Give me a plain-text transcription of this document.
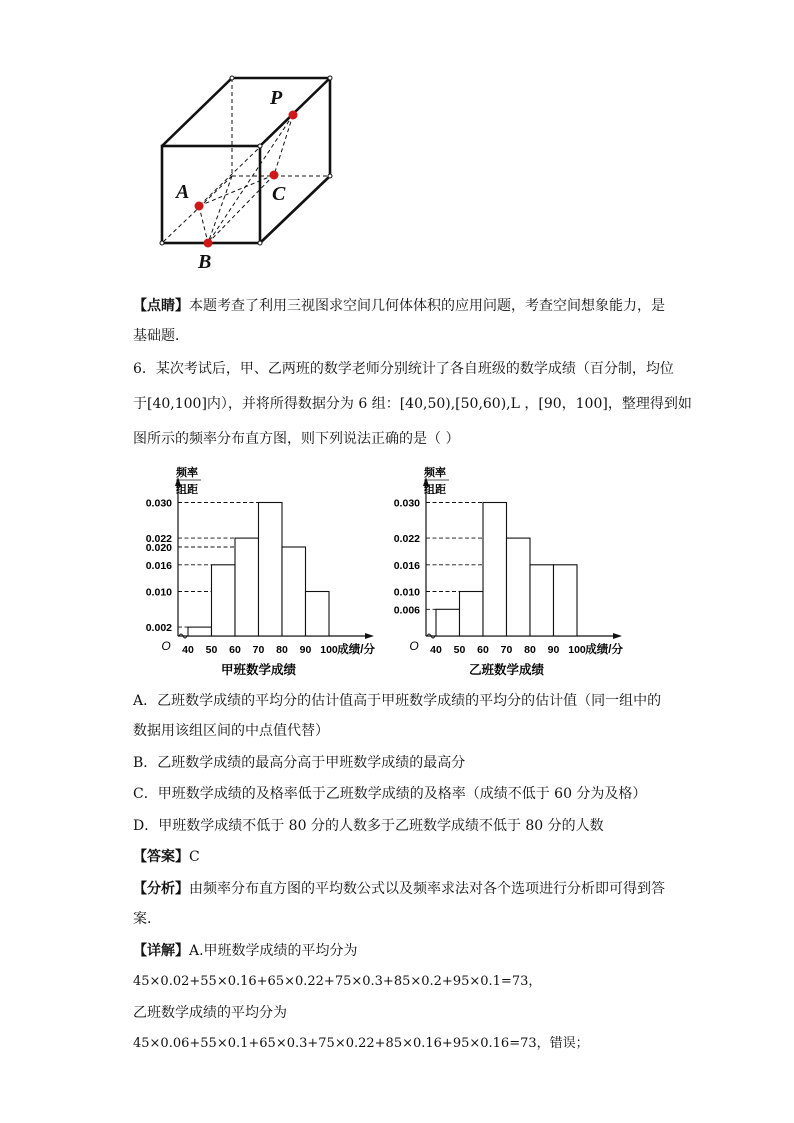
P
A	C
B
【点睛】本题考查了利用三视图求空间几何体体积的应用问题，考查空间想象能力，是
基础题．
6．某次考试后，甲、乙两班的数学老师分别统计了各自班级的数学成绩（百分制，均位
于[40,100]内），并将所得数据分为 6 组：[40,50),[50,60),L ，[90，100]，整理得到如
图所示的频率分布直方图，则下列说法正确的是（ ）
频率
组距
0.030
0.022
0.020
0.016
0.010
0.002
40 50 60 70 80 90 100
O	成绩/分
甲班数学成绩
频率
组距
0.030
0.022
0.016
0.010
0.006
40 50 60 70 80 90 100
O	成绩/分
乙班数学成绩
A．乙班数学成绩的平均分的估计值高于甲班数学成绩的平均分的估计值（同一组中的
数据用该组区间的中点值代替）
B．乙班数学成绩的最高分高于甲班数学成绩的最高分
C．甲班数学成绩的及格率低于乙班数学成绩的及格率（成绩不低于 60 分为及格）
D．甲班数学成绩不低于 80 分的人数多于乙班数学成绩不低于 80 分的人数
【答案】C
【分析】由频率分布直方图的平均数公式以及频率求法对各个选项进行分析即可得到答
案.
【详解】A.甲班数学成绩的平均分为
45×0.02+55×0.16+65×0.22+75×0.3+85×0.2+95×0.1=73，
乙班数学成绩的平均分为
45×0.06+55×0.1+65×0.3+75×0.22+85×0.16+95×0.16=73，错误；
